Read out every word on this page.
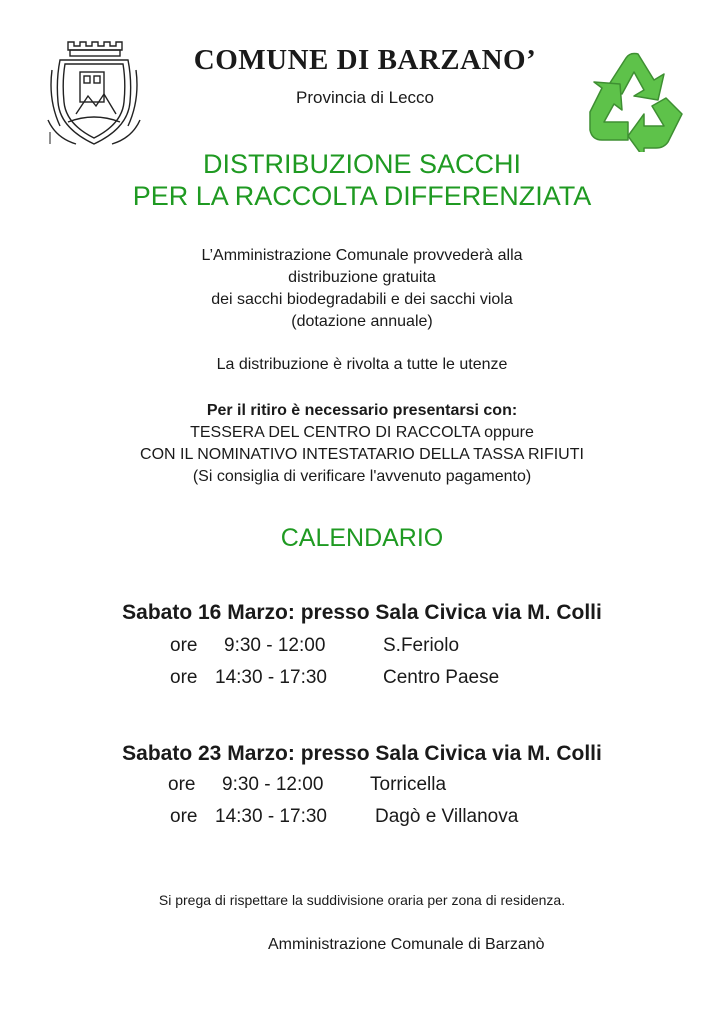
COMUNE DI BARZANO’
Provincia di Lecco
DISTRIBUZIONE SACCHI
PER LA RACCOLTA DIFFERENZIATA
L’Amministrazione Comunale provvederà alla
distribuzione gratuita
dei sacchi biodegradabili e dei sacchi viola
(dotazione annuale)
La distribuzione è rivolta a tutte le utenze
Per il ritiro è necessario presentarsi con:
TESSERA DEL CENTRO DI RACCOLTA oppure
CON IL NOMINATIVO INTESTATARIO DELLA TASSA RIFIUTI
(Si consiglia di verificare l'avvenuto pagamento)
CALENDARIO
Sabato 16 Marzo: presso Sala Civica via M. Colli
ore 9:30 - 12:00	S.Feriolo
ore 14:30 - 17:30	Centro Paese
Sabato 23 Marzo: presso Sala Civica via M. Colli
ore 9:30 - 12:00 Torricella
ore 14:30 - 17:30	Dagò e Villanova
Si prega di rispettare la suddivisione oraria per zona di residenza.
Amministrazione Comunale di Barzanò
